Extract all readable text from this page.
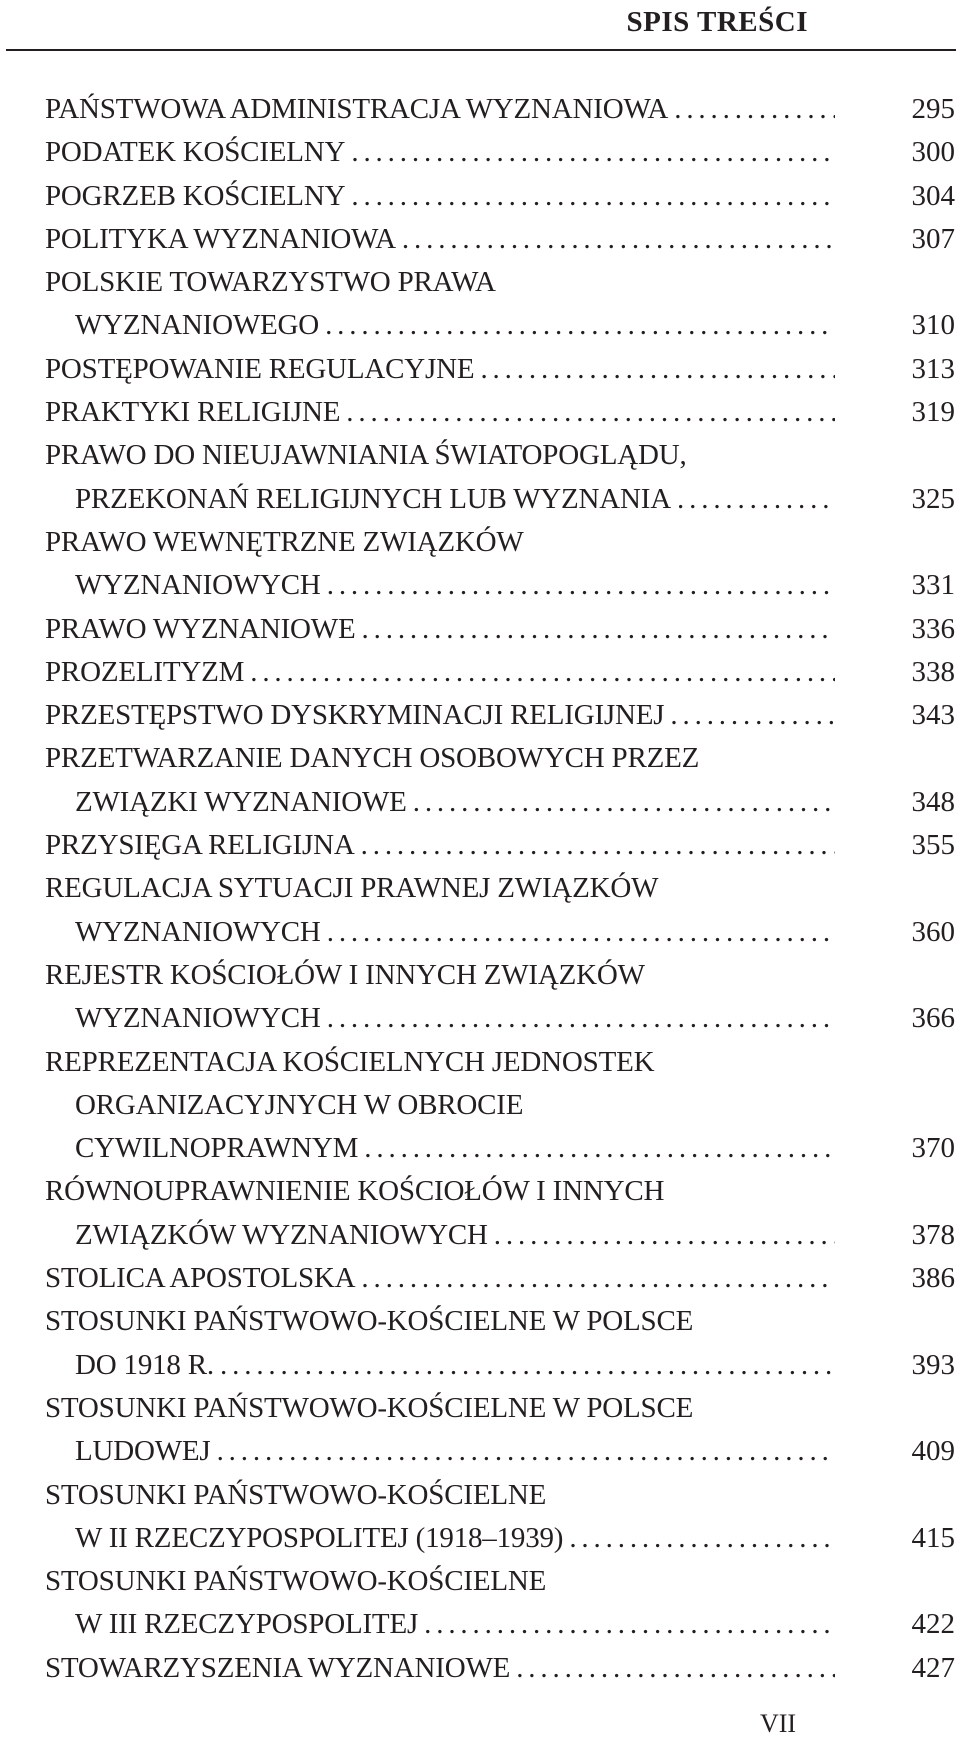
SPIS TREŚCI
PAŃSTWOWA ADMINISTRACJA WYZNANIOWA . . .	295
PODATEK KOŚCIELNY . . .	300
POGRZEB KOŚCIELNY . . .	304
POLITYKA WYZNANIOWA . . .	307
POLSKIE TOWARZYSTWO PRAWA
WYZNANIOWEGO . . .	310
POSTĘPOWANIE REGULACYJNE . . .	313
PRAKTYKI RELIGIJNE . . .	319
PRAWO DO NIEUJAWNIANIA ŚWIATOPOGLĄDU,
PRZEKONAŃ RELIGIJNYCH LUB WYZNANIA . . .	325
PRAWO WEWNĘTRZNE ZWIĄZKÓW
WYZNANIOWYCH . . .	331
PRAWO WYZNANIOWE . . .	336
PROZELITYZM . . .	338
PRZESTĘPSTWO DYSKRYMINACJI RELIGIJNEJ . . .	343
PRZETWARZANIE DANYCH OSOBOWYCH PRZEZ
ZWIĄZKI WYZNANIOWE . . .	348
PRZYSIĘGA RELIGIJNA . . .	355
REGULACJA SYTUACJI PRAWNEJ ZWIĄZKÓW
WYZNANIOWYCH . . .	360
REJESTR KOŚCIOŁÓW I INNYCH ZWIĄZKÓW
WYZNANIOWYCH . . .	366
REPREZENTACJA KOŚCIELNYCH JEDNOSTEK
ORGANIZACYJNYCH W OBROCIE
CYWILNOPRAWNYM . . .	370
RÓWNOUPRAWNIENIE KOŚCIOŁÓW I INNYCH
ZWIĄZKÓW WYZNANIOWYCH . . .	378
STOLICA APOSTOLSKA . . .	386
STOSUNKI PAŃSTWOWO-KOŚCIELNE W POLSCE
DO 1918 R. . . .	393
STOSUNKI PAŃSTWOWO-KOŚCIELNE W POLSCE
LUDOWEJ . . .	409
STOSUNKI PAŃSTWOWO-KOŚCIELNE
W II RZECZYPOSPOLITEJ (1918–1939) . . .	415
STOSUNKI PAŃSTWOWO-KOŚCIELNE
W III RZECZYPOSPOLITEJ . . .	422
STOWARZYSZENIA WYZNANIOWE . . .	427
VII
